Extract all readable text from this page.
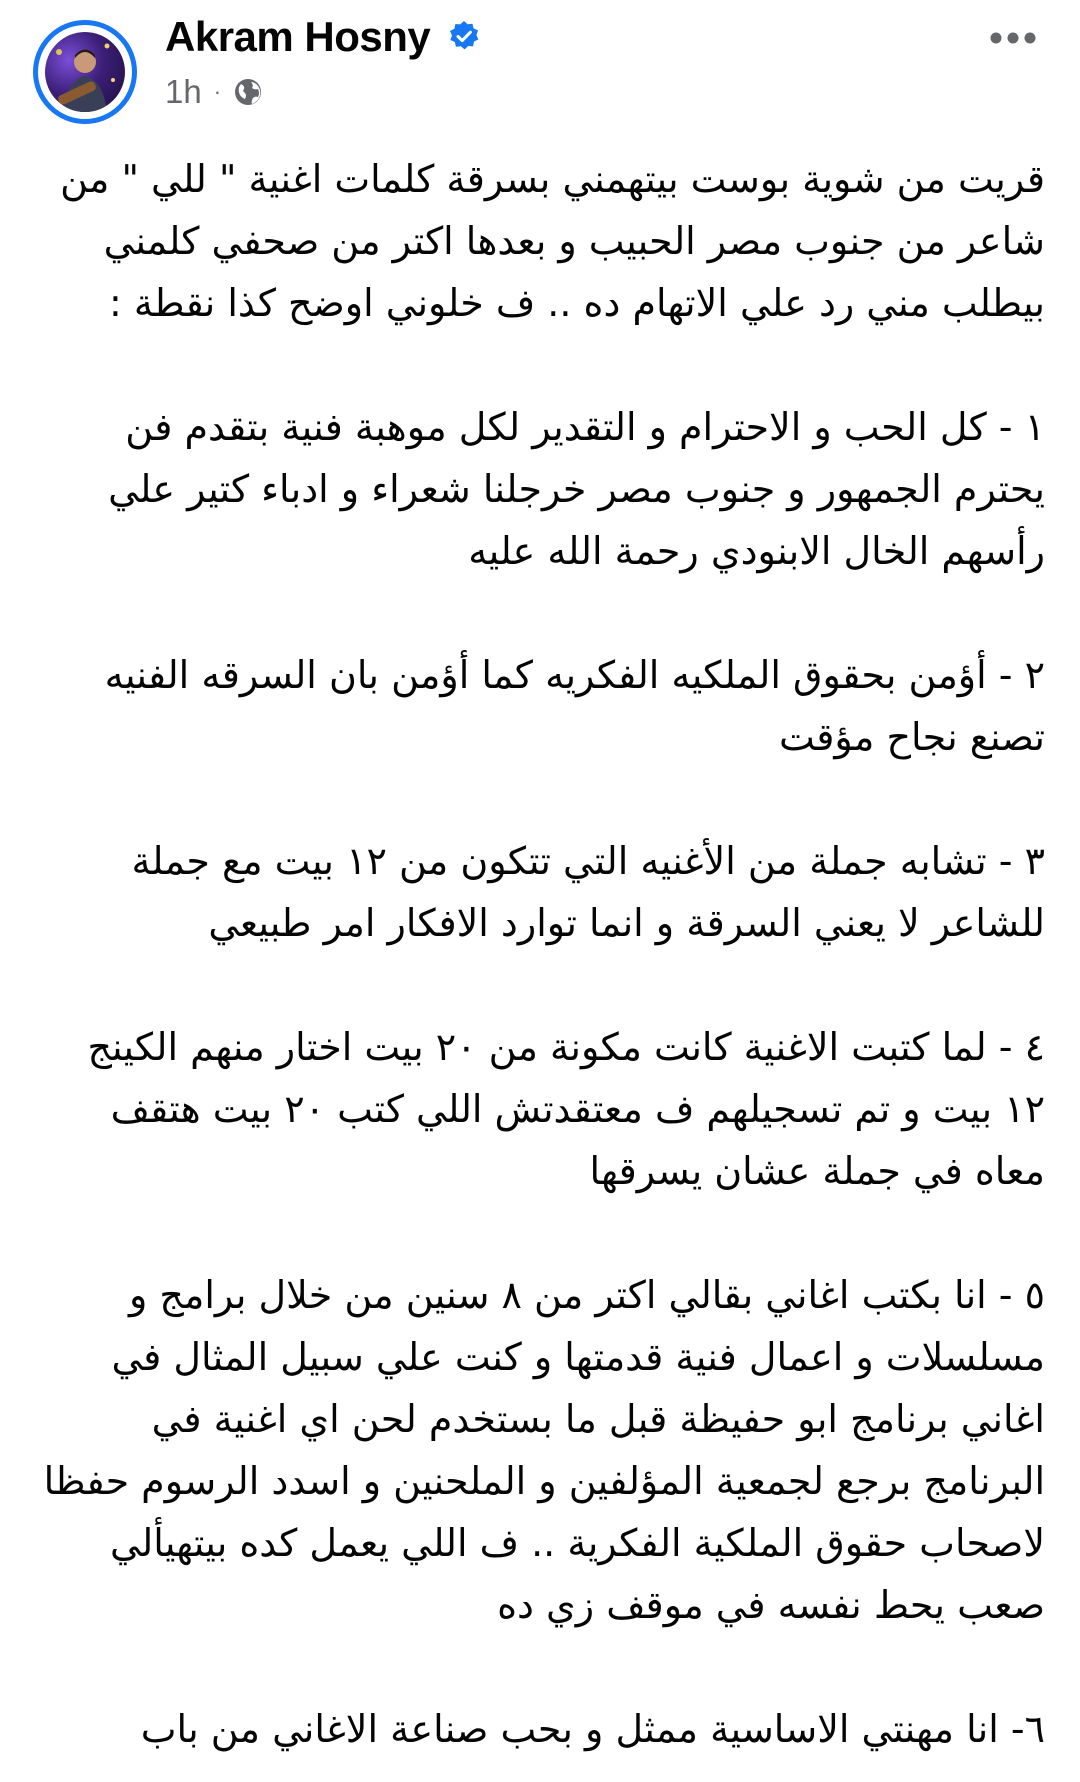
Akram Hosny
1h ·

قريت من شوية بوست بيتهمني بسرقة كلمات اغنية " للي " من شاعر من جنوب مصر الحبيب و بعدها اكتر من صحفي كلمني بيطلب مني رد علي الاتهام ده .. ف خلوني اوضح كذا نقطة :

١ - كل الحب و الاحترام و التقدير لكل موهبة فنية بتقدم فن يحترم الجمهور و جنوب مصر خرجلنا شعراء و ادباء كتير علي رأسهم الخال الابنودي رحمة الله عليه

٢ - أؤمن بحقوق الملكيه الفكريه كما أؤمن بان السرقه الفنيه تصنع نجاح مؤقت

٣ - تشابه جملة من الأغنيه التي تتكون من ١٢ بيت مع جملة للشاعر لا يعني السرقة و انما توارد الافكار امر طبيعي

٤ - لما كتبت الاغنية كانت مكونة من ٢٠ بيت اختار منهم الكينج ١٢ بيت و تم تسجيلهم ف معتقدتش اللي كتب ٢٠ بيت هتقف معاه في جملة عشان يسرقها

٥ - انا بكتب اغاني بقالي اكتر من ٨ سنين من خلال برامج و مسلسلات و اعمال فنية قدمتها و كنت علي سبيل المثال في اغاني برنامج ابو حفيظة قبل ما بستخدم لحن اي اغنية في البرنامج برجع لجمعية المؤلفين و الملحنين و اسدد الرسوم حفظا لاصحاب حقوق الملكية الفكرية .. ف اللي يعمل كده بيتهيألي صعب يحط نفسه في موقف زي ده

٦- انا مهنتي الاساسية ممثل و بحب صناعة الاغاني من باب
